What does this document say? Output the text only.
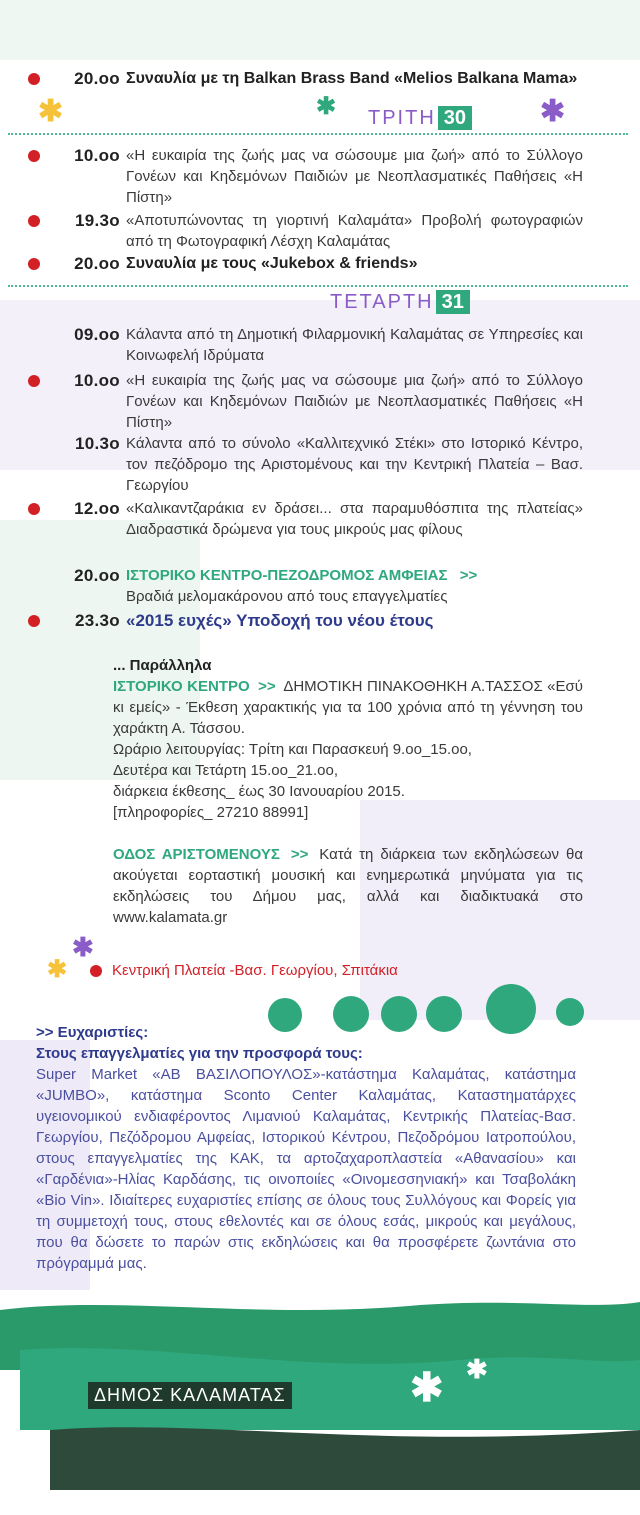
20.οο Συναυλία με τη Balkan Brass Band «Melios Balkana Mama»
✱	✱	✱
ΤΡΙΤΗ 30
10.οο «Η ευκαιρία της ζωής μας να σώσουμε μια ζωή» από το Σύλλογο Γονέων και Κηδεμόνων Παιδιών με Νεοπλασματικές Παθήσεις «Η Πίστη»
19.3ο «Αποτυπώνοντας τη γιορτινή Καλαμάτα» Προβολή φωτογραφιών από τη Φωτογραφική Λέσχη Καλαμάτας
20.οο Συναυλία με τους «Jukebox & friends»
ΤΕΤΑΡΤΗ 31
09.οο Κάλαντα από τη Δημοτική Φιλαρμονική Καλαμάτας σε Υπηρεσίες και Κοινωφελή Ιδρύματα
10.οο «Η ευκαιρία της ζωής μας να σώσουμε μια ζωή» από το Σύλλογο Γονέων και Κηδεμόνων Παιδιών με Νεοπλασματικές Παθήσεις «Η Πίστη»
10.3ο Κάλαντα από το σύνολο «Καλλιτεχνικό Στέκι» στο Ιστορικό Κέντρο, τον πεζόδρομο της Αριστομένους και την Κεντρική Πλατεία – Βασ. Γεωργίου
12.οο «Καλικαντζαράκια εν δράσει... στα παραμυθόσπιτα της πλατείας» Διαδραστικά δρώμενα για τους μικρούς μας φίλους
20.οο ΙΣΤΟΡΙΚΟ ΚΕΝΤΡΟ-ΠΕΖΟΔΡΟΜΟΣ ΑΜΦΕΙΑΣ >>
Βραδιά μελομακάρονου από τους επαγγελματίες
23.3ο «2015 ευχές» Υποδοχή του νέου έτους
... Παράλληλα
ΙΣΤΟΡΙΚΟ ΚΕΝΤΡΟ >> ΔΗΜΟΤΙΚΗ ΠΙΝΑΚΟΘΗΚΗ Α.ΤΑΣΣΟΣ «Εσύ κι εμείς» - Έκθεση χαρακτικής για τα 100 χρόνια από τη γέννηση του χαράκτη Α. Τάσσου.
Ωράριο λειτουργίας: Τρίτη και Παρασκευή 9.οο_15.οο,
Δευτέρα και Τετάρτη 15.οο_21.οο,
διάρκεια έκθεσης_ έως 30 Ιανουαρίου 2015.
[πληροφορίες_ 27210 88991]
ΟΔΟΣ ΑΡΙΣΤΟΜΕΝΟΥΣ >> Κατά τη διάρκεια των εκδηλώσεων θα ακούγεται εορταστική μουσική και ενημερωτικά μηνύματα για τις εκδηλώσεις του Δήμου μας, αλλά και διαδικτυακά στο www.kalamata.gr
✱
✱	Κεντρική Πλατεία -Βασ. Γεωργίου, Σπιτάκια
>> Ευχαριστίες:
Στους επαγγελματίες για την προσφορά τους:
Super Market «ΑΒ ΒΑΣΙΛΟΠΟΥΛΟΣ»-κατάστημα Καλαμάτας, κατάστημα «JUMBO», κατάστημα Sconto Center Καλαμάτας, Καταστηματάρχες υγειονομικού ενδιαφέροντος Λιμανιού Καλαμάτας, Κεντρικής Πλατείας-Βασ. Γεωργίου, Πεζόδρομου Αμφείας, Ιστορικού Κέντρου, Πεζοδρόμου Ιατροπούλου, στους επαγγελματίες της ΚΑΚ, τα αρτοζαχαροπλαστεία «Αθανασίου» και «Γαρδένια»-Ηλίας Καρδάσης, τις οινοποιίες «Οινομεσσηνιακή» και Τσαβολάκη «Bio Vin». Ιδιαίτερες ευχαριστίες επίσης σε όλους τους Συλλόγους και Φορείς για τη συμμετοχή τους, στους εθελοντές και σε όλους εσάς, μικρούς και μεγάλους, που θα δώσετε το παρών στις εκδηλώσεις και θα προσφέρετε ζωντάνια στο πρόγραμμά μας.
ΔΗΜΟΣ ΚΑΛΑΜΑΤΑΣ	✱ ✱
